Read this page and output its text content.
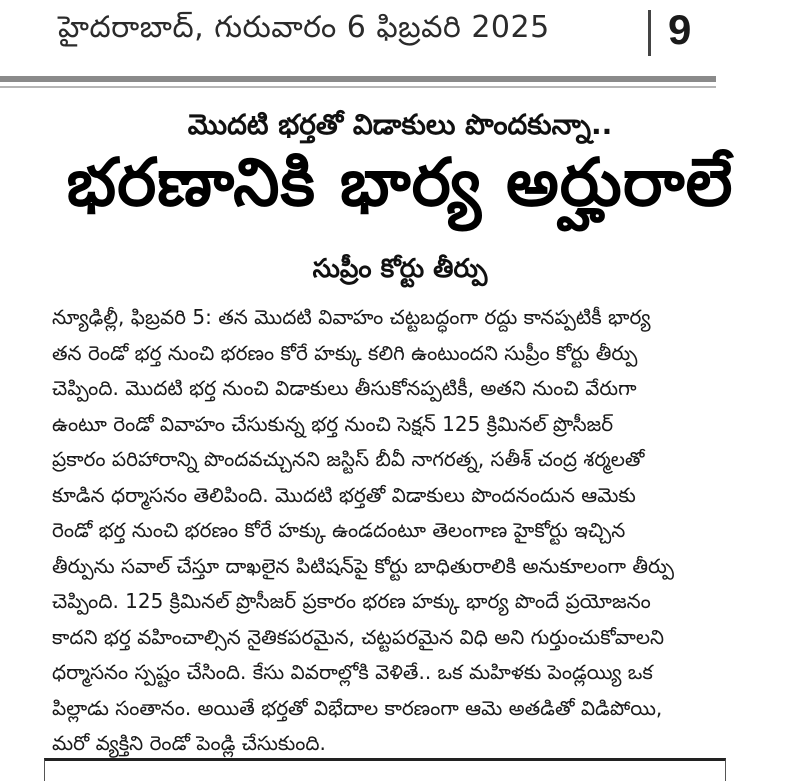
హైదరాబాద్, గురువారం 6 ఫిబ్రవరి 2025	9
మొదటి భర్తతో విడాకులు పొందకున్నా..
భరణానికి భార్య అర్హురాలే
సుప్రీం కోర్టు తీర్పు
న్యూఢిల్లీ, ఫిబ్రవరి 5: తన మొదటి వివాహం చట్టబద్ధంగా రద్దు కానప్పటికీ భార్య
తన రెండో భర్త నుంచి భరణం కోరే హక్కు కలిగి ఉంటుందని సుప్రీం కోర్టు తీర్పు
చెప్పింది. మొదటి భర్త నుంచి విడాకులు తీసుకోనప్పటికీ, అతని నుంచి వేరుగా
ఉంటూ రెండో వివాహం చేసుకున్న భర్త నుంచి సెక్షన్ 125 క్రిమినల్ ప్రొసీజర్
ప్రకారం పరిహారాన్ని పొందవచ్చునని జస్టిస్ బీవీ నాగరత్న, సతీశ్ చంద్ర శర్మలతో
కూడిన ధర్మాసనం తెలిపింది. మొదటి భర్తతో విడాకులు పొందనందున ఆమెకు
రెండో భర్త నుంచి భరణం కోరే హక్కు ఉండదంటూ తెలంగాణ హైకోర్టు ఇచ్చిన
తీర్పును సవాల్ చేస్తూ దాఖలైన పిటిషన్‌పై కోర్టు బాధితురాలికి అనుకూలంగా తీర్పు
చెప్పింది. 125 క్రిమినల్ ప్రొసీజర్ ప్రకారం భరణ హక్కు భార్య పొందే ప్రయోజనం
కాదని భర్త వహించాల్సిన నైతికపరమైన, చట్టపరమైన విధి అని గుర్తుంచుకోవాలని
ధర్మాసనం స్పష్టం చేసింది. కేసు వివరాల్లోకి వెళితే.. ఒక మహిళకు పెండ్లయ్యి ఒక
పిల్లాడు సంతానం. అయితే భర్తతో విభేదాల కారణంగా ఆమె అతడితో విడిపోయి,
మరో వ్యక్తిని రెండో పెండ్లి చేసుకుంది.
